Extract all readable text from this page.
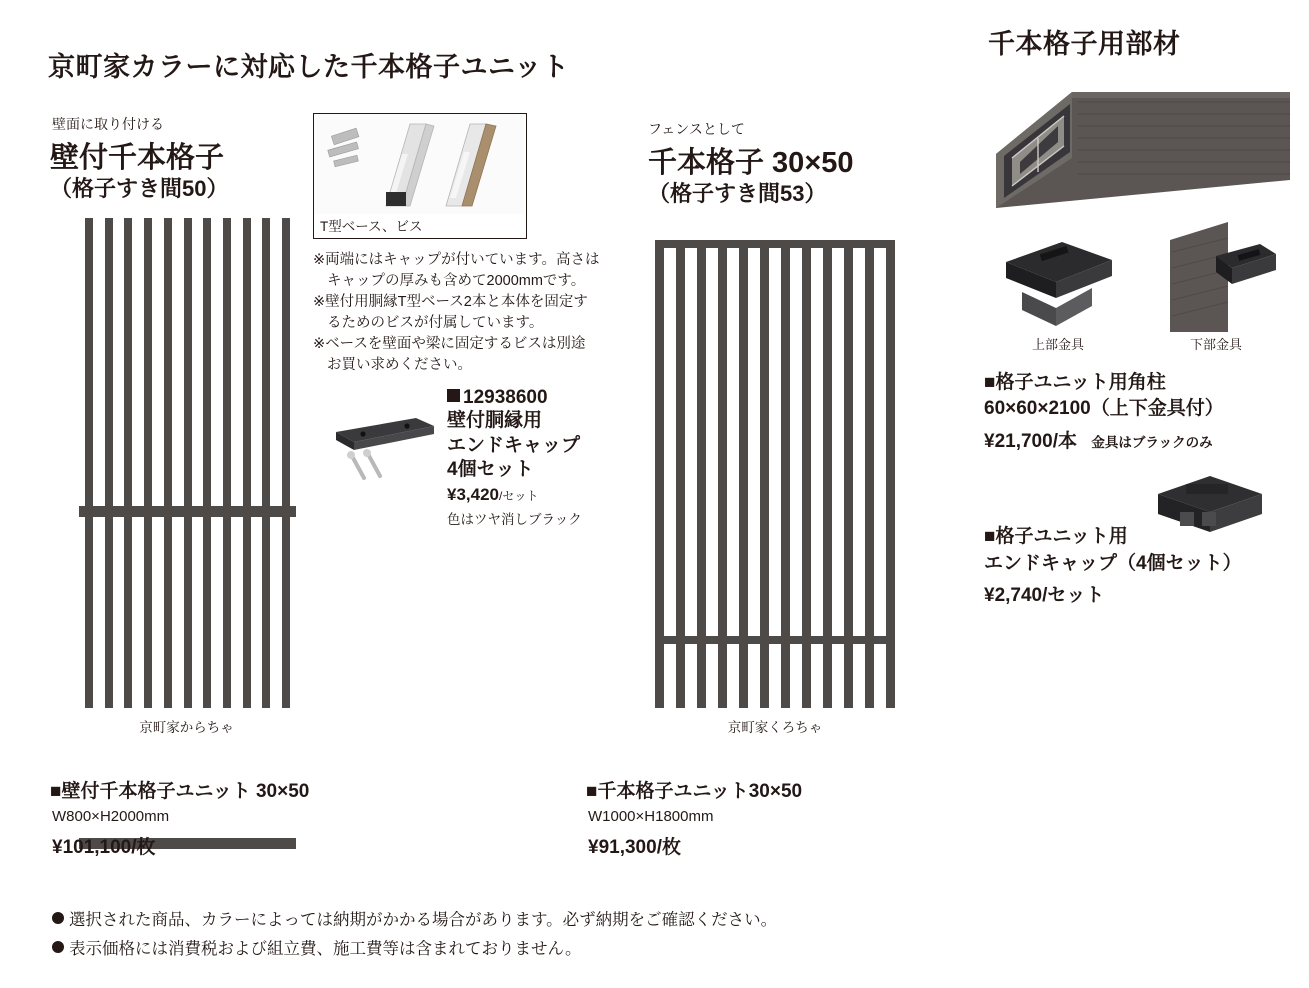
京町家カラーに対応した千本格子ユニット
千本格子用部材
壁面に取り付ける
壁付千本格子
（格子すき間50）
フェンスとして
千本格子 30×50
（格子すき間53）
京町家からちゃ	京町家くろちゃ
T型ベース、ビス
※両端にはキャップが付いています。高さは
キャップの厚みも含めて2000mmです。
※壁付用胴縁T型ベース2本と本体を固定す
るためのビスが付属しています。
※ベースを壁面や梁に固定するビスは別途
お買い求めください。
12938600
壁付胴縁用
エンドキャップ
4個セット
¥3,420/セット
色はツヤ消しブラック
上部金具	下部金具
■格子ユニット用角柱
60×60×2100（上下金具付）
¥21,700/本 金具はブラックのみ
■格子ユニット用
エンドキャップ（4個セット）
¥2,740/セット
■壁付千本格子ユニット 30×50
W800×H2000mm
¥101,100/枚
■千本格子ユニット30×50
W1000×H1800mm
¥91,300/枚
選択された商品、カラーによっては納期がかかる場合があります。必ず納期をご確認ください。
表示価格には消費税および組立費、施工費等は含まれておりません。
